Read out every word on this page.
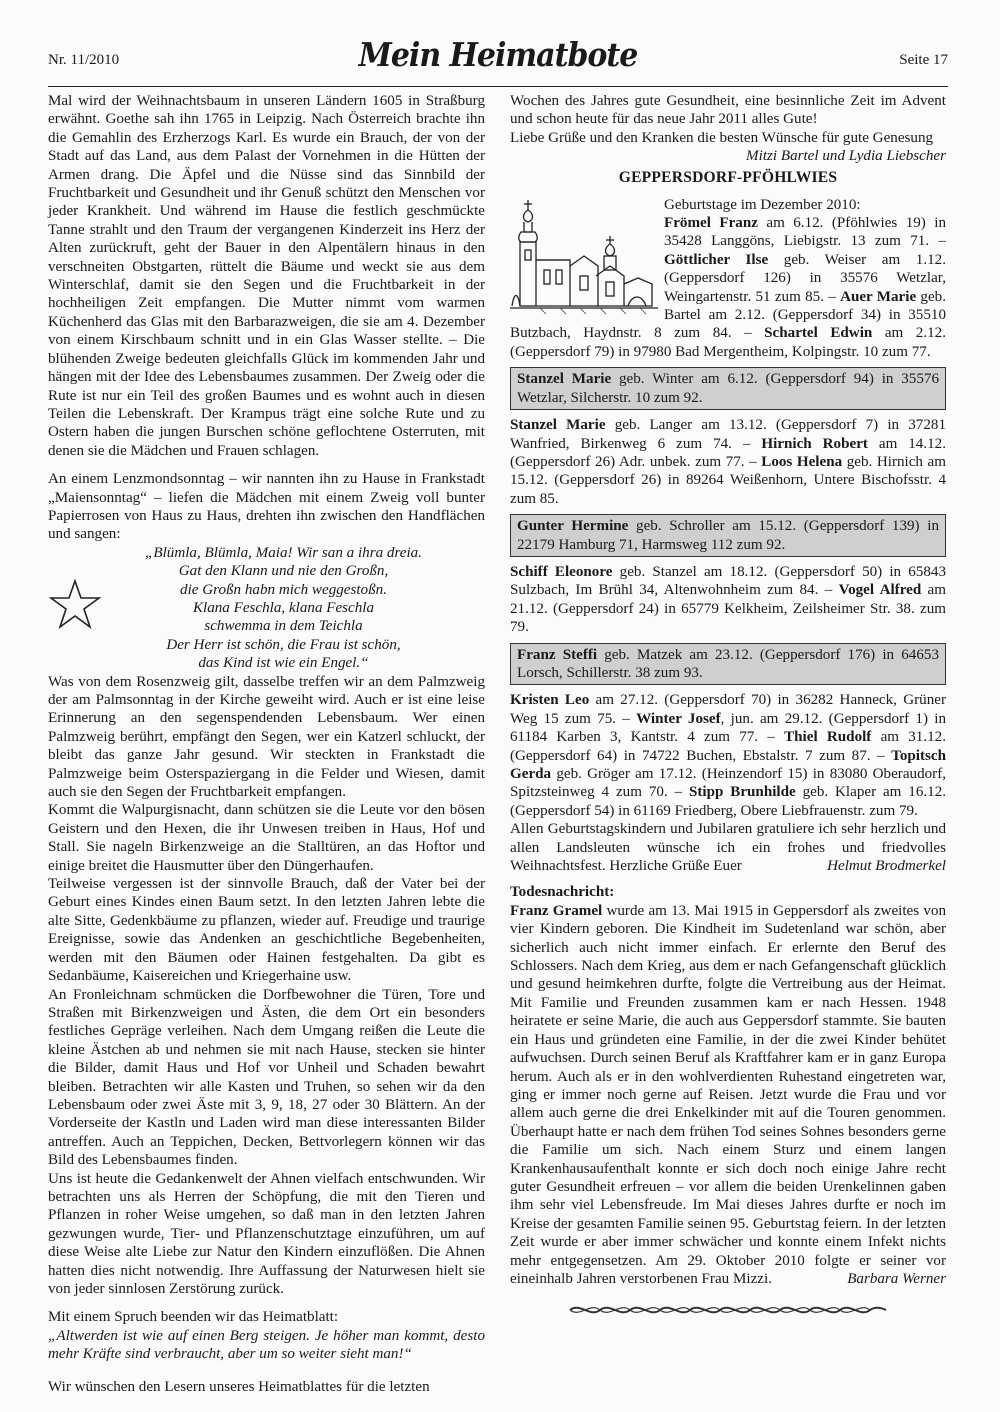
Nr. 11/2010	Mein Heimatbote	Seite 17

Mal wird der Weihnachtsbaum in unseren Ländern 1605 in Straßburg erwähnt. Goethe sah ihn 1765 in Leipzig. Nach Österreich brachte ihn die Gemahlin des Erzherzogs Karl. Es wurde ein Brauch, der von der Stadt auf das Land, aus dem Palast der Vornehmen in die Hütten der Armen drang. Die Äpfel und die Nüsse sind das Sinnbild der Fruchtbarkeit und Gesundheit und ihr Genuß schützt den Menschen vor jeder Krankheit. Und während im Hause die festlich geschmückte Tanne strahlt und den Traum der vergangenen Kinderzeit ins Herz der Alten zurückruft, geht der Bauer in den Alpentälern hinaus in den verschneiten Obstgarten, rüttelt die Bäume und weckt sie aus dem Winterschlaf, damit sie den Segen und die Fruchtbarkeit in der hochheiligen Zeit empfangen. Die Mutter nimmt vom warmen Küchenherd das Glas mit den Barbarazweigen, die sie am 4. Dezember von einem Kirschbaum schnitt und in ein Glas Wasser stellte. – Die blühenden Zweige bedeuten gleichfalls Glück im kommenden Jahr und hängen mit der Idee des Lebensbaumes zusammen. Der Zweig oder die Rute ist nur ein Teil des großen Baumes und es wohnt auch in diesen Teilen die Lebenskraft. Der Krampus trägt eine solche Rute und zu Ostern haben die jungen Burschen schöne geflochtene Osterruten, mit denen sie die Mädchen und Frauen schlagen.

An einem Lenzmondsonntag – wir nannten ihn zu Hause in Frankstadt „Maiensonntag“ – liefen die Mädchen mit einem Zweig voll bunter Papierrosen von Haus zu Haus, drehten ihn zwischen den Handflächen und sangen:

„Blümla, Blümla, Maia! Wir san a ihra dreia.
Gat den Klann und nie den Großn,
die Großn habn mich weggestoßn.
Klana Feschla, klana Feschla
schwemma in dem Teichla
Der Herr ist schön, die Frau ist schön,
das Kind ist wie ein Engel.“

Was von dem Rosenzweig gilt, dasselbe treffen wir an dem Palmzweig der am Palmsonntag in der Kirche geweiht wird. Auch er ist eine leise Erinnerung an den segenspendenden Lebensbaum. Wer einen Palmzweig berührt, empfängt den Segen, wer ein Katzerl schluckt, der bleibt das ganze Jahr gesund. Wir steckten in Frankstadt die Palmzweige beim Osterspaziergang in die Felder und Wiesen, damit auch sie den Segen der Fruchtbarkeit empfangen.

Kommt die Walpurgisnacht, dann schützen sie die Leute vor den bösen Geistern und den Hexen, die ihr Unwesen treiben in Haus, Hof und Stall. Sie nageln Birkenzweige an die Stalltüren, an das Hoftor und einige breitet die Hausmutter über den Düngerhaufen.

Teilweise vergessen ist der sinnvolle Brauch, daß der Vater bei der Geburt eines Kindes einen Baum setzt. In den letzten Jahren lebte die alte Sitte, Gedenkbäume zu pflanzen, wieder auf. Freudige und traurige Ereignisse, sowie das Andenken an geschichtliche Begebenheiten, werden mit den Bäumen oder Hainen festgehalten. Da gibt es Sedanbäume, Kaisereichen und Kriegerhaine usw.

An Fronleichnam schmücken die Dorfbewohner die Türen, Tore und Straßen mit Birkenzweigen und Ästen, die dem Ort ein besonders festliches Gepräge verleihen. Nach dem Umgang reißen die Leute die kleine Ästchen ab und nehmen sie mit nach Hause, stecken sie hinter die Bilder, damit Haus und Hof vor Unheil und Schaden bewahrt bleiben. Betrachten wir alle Kasten und Truhen, so sehen wir da den Lebensbaum oder zwei Äste mit 3, 9, 18, 27 oder 30 Blättern. An der Vorderseite der Kastln und Laden wird man diese interessanten Bilder antreffen. Auch an Teppichen, Decken, Bettvorlegern können wir das Bild des Lebensbaumes finden.

Uns ist heute die Gedankenwelt der Ahnen vielfach entschwunden. Wir betrachten uns als Herren der Schöpfung, die mit den Tieren und Pflanzen in roher Weise umgehen, so daß man in den letzten Jahren gezwungen wurde, Tier- und Pflanzenschutztage einzuführen, um auf diese Weise alte Liebe zur Natur den Kindern einzuflößen. Die Ahnen hatten dies nicht notwendig. Ihre Auffassung der Naturwesen hielt sie von jeder sinnlosen Zerstörung zurück.

Mit einem Spruch beenden wir das Heimatblatt:

„Altwerden ist wie auf einen Berg steigen. Je höher man kommt, desto mehr Kräfte sind verbraucht, aber um so weiter sieht man!“

Wir wünschen den Lesern unseres Heimatblattes für die letzten

Wochen des Jahres gute Gesundheit, eine besinnliche Zeit im Advent und schon heute für das neue Jahr 2011 alles Gute!

Liebe Grüße und den Kranken die besten Wünsche für gute Genesung
Mitzi Bartel und Lydia Liebscher

GEPPERSDORF-PFÖHLWIES

Geburtstage im Dezember 2010:

Frömel Franz am 6.12. (Pföhlwies 19) in 35428 Langgöns, Liebigstr. 13 zum 71. – Göttlicher Ilse geb. Weiser am 1.12. (Geppersdorf 126) in 35576 Wetzlar, Weingartenstr. 51 zum 85. – Auer Marie geb. Bartel am 2.12. (Geppersdorf 34) in 35510 Butzbach, Haydnstr. 8 zum 84. – Schartel Edwin am 2.12. (Geppersdorf 79) in 97980 Bad Mergentheim, Kolpingstr. 10 zum 77.

Stanzel Marie geb. Winter am 6.12. (Geppersdorf 94) in 35576 Wetzlar, Silcherstr. 10 zum 92.

Stanzel Marie geb. Langer am 13.12. (Geppersdorf 7) in 37281 Wanfried, Birkenweg 6 zum 74. – Hirnich Robert am 14.12. (Geppersdorf 26) Adr. unbek. zum 77. – Loos Helena geb. Hirnich am 15.12. (Geppersdorf 26) in 89264 Weißenhorn, Untere Bischofsstr. 4 zum 85.

Gunter Hermine geb. Schroller am 15.12. (Geppersdorf 139) in 22179 Hamburg 71, Harmsweg 112 zum 92.

Schiff Eleonore geb. Stanzel am 18.12. (Geppersdorf 50) in 65843 Sulzbach, Im Brühl 34, Altenwohnheim zum 84. – Vogel Alfred am 21.12. (Geppersdorf 24) in 65779 Kelkheim, Zeilsheimer Str. 38. zum 79.

Franz Steffi geb. Matzek am 23.12. (Geppersdorf 176) in 64653 Lorsch, Schillerstr. 38 zum 93.

Kristen Leo am 27.12. (Geppersdorf 70) in 36282 Hanneck, Grüner Weg 15 zum 75. – Winter Josef, jun. am 29.12. (Geppersdorf 1) in 61184 Karben 3, Kantstr. 4 zum 77. – Thiel Rudolf am 31.12. (Geppersdorf 64) in 74722 Buchen, Ebstalstr. 7 zum 87. – Topitsch Gerda geb. Gröger am 17.12. (Heinzendorf 15) in 83080 Oberaudorf, Spitzsteinweg 4 zum 70. – Stipp Brunhilde geb. Klaper am 16.12. (Geppersdorf 54) in 61169 Friedberg, Obere Liebfrauenstr. zum 79.

Allen Geburtstagskindern und Jubilaren gratuliere ich sehr herzlich und allen Landsleuten wünsche ich ein frohes und friedvolles Weihnachtsfest. Herzliche Grüße Euer	Helmut Brodmerkel

Todesnachricht:

Franz Gramel wurde am 13. Mai 1915 in Geppersdorf als zweites von vier Kindern geboren. Die Kindheit im Sudetenland war schön, aber sicherlich auch nicht immer einfach. Er erlernte den Beruf des Schlossers. Nach dem Krieg, aus dem er nach Gefangenschaft glücklich und gesund heimkehren durfte, folgte die Vertreibung aus der Heimat. Mit Familie und Freunden zusammen kam er nach Hessen. 1948 heiratete er seine Marie, die auch aus Geppersdorf stammte. Sie bauten ein Haus und gründeten eine Familie, in der die zwei Kinder behütet aufwuchsen. Durch seinen Beruf als Kraftfahrer kam er in ganz Europa herum. Auch als er in den wohlverdienten Ruhestand eingetreten war, ging er immer noch gerne auf Reisen. Jetzt wurde die Frau und vor allem auch gerne die drei Enkelkinder mit auf die Touren genommen. Überhaupt hatte er nach dem frühen Tod seines Sohnes besonders gerne die Familie um sich. Nach einem Sturz und einem langen Krankenhausaufenthalt konnte er sich doch noch einige Jahre recht guter Gesundheit erfreuen – vor allem die beiden Urenkelinnen gaben ihm sehr viel Lebensfreude. Im Mai dieses Jahres durfte er noch im Kreise der gesamten Familie seinen 95. Geburtstag feiern. In der letzten Zeit wurde er aber immer schwächer und konnte einem Infekt nichts mehr entgegensetzen. Am 29. Oktober 2010 folgte er seiner vor eineinhalb Jahren verstorbenen Frau Mizzi.	Barbara Werner
